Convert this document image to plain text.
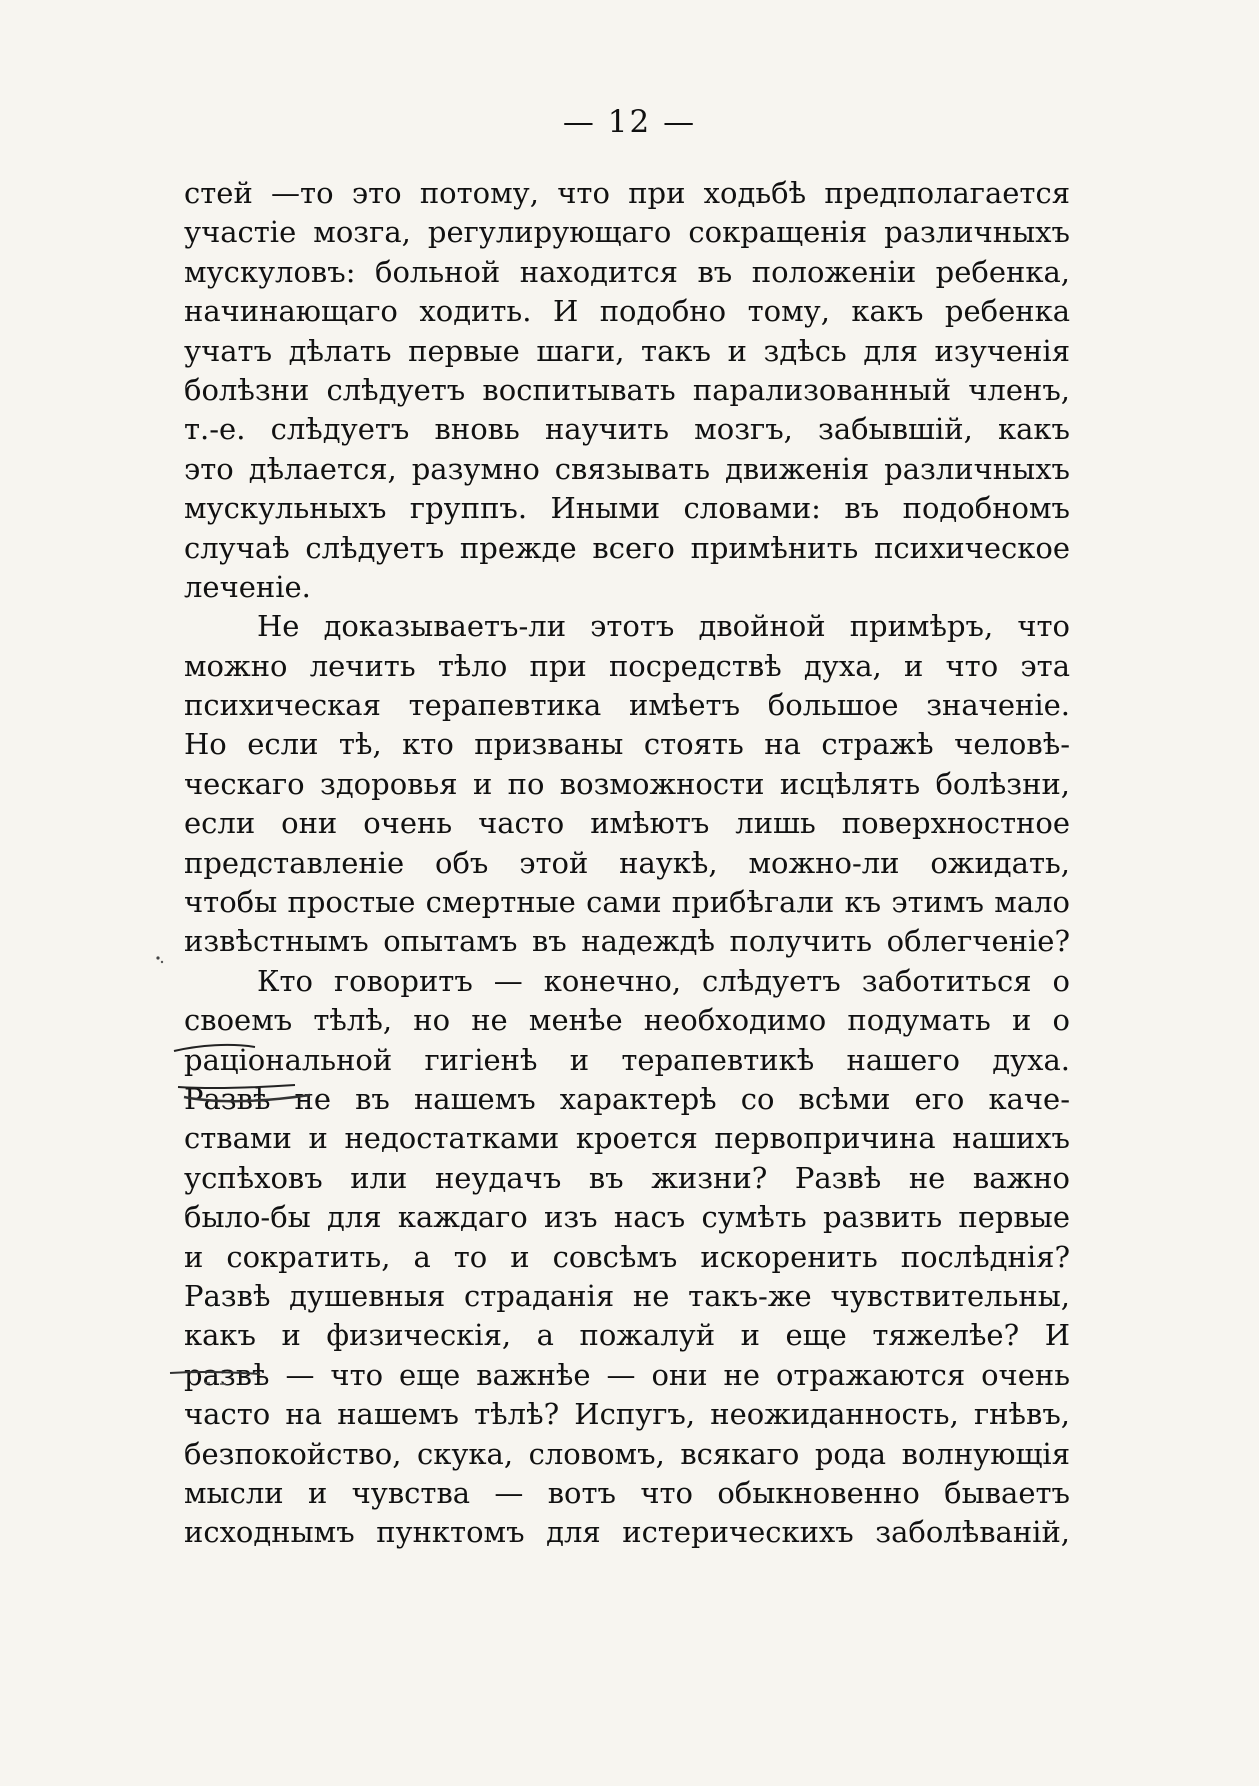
— 12 —
стей —то это потому, что при ходьбѣ предполагается
участіе мозга, регулирующаго сокращенія различныхъ
мускуловъ: больной находится въ положеніи ребенка,
начинающаго ходить. И подобно тому, какъ ребенка
учатъ дѣлать первые шаги, такъ и здѣсь для изученія
болѣзни слѣдуетъ воспитывать парализованный членъ,
т.-е. слѣдуетъ вновь научить мозгъ, забывшій, какъ
это дѣлается, разумно связывать движенія различныхъ
мускульныхъ группъ. Иными словами: въ подобномъ
случаѣ слѣдуетъ прежде всего примѣнить психическое
леченіе.
Не доказываетъ-ли этотъ двойной примѣръ, что
можно лечить тѣло при посредствѣ духа, и что эта
психическая терапевтика имѣетъ большое значеніе.
Но если тѣ, кто призваны стоять на стражѣ человѣ-
ческаго здоровья и по возможности исцѣлять болѣзни,
если они очень часто имѣютъ лишь поверхностное
представленіе объ этой наукѣ, можно-ли ожидать,
чтобы простые смертные сами прибѣгали къ этимъ мало
извѣстнымъ опытамъ въ надеждѣ получить облегченіе?
Кто говоритъ — конечно, слѣдуетъ заботиться о
своемъ тѣлѣ, но не менѣе необходимо подумать и о
раціональной гигіенѣ и терапевтикѣ нашего духа.
Развѣ не въ нашемъ характерѣ со всѣми его каче-
ствами и недостатками кроется первопричина нашихъ
успѣховъ или неудачъ въ жизни? Развѣ не важно
было-бы для каждаго изъ насъ сумѣть развить первые
и сократить, а то и совсѣмъ искоренить послѣднія?
Развѣ душевныя страданія не такъ-же чувствительны,
какъ и физическія, а пожалуй и еще тяжелѣе? И
развѣ — что еще важнѣе — они не отражаются очень
часто на нашемъ тѣлѣ? Испугъ, неожиданность, гнѣвъ,
безпокойство, скука, словомъ, всякаго рода волнующія
мысли и чувства — вотъ что обыкновенно бываетъ
исходнымъ пунктомъ для истерическихъ заболѣваній,
